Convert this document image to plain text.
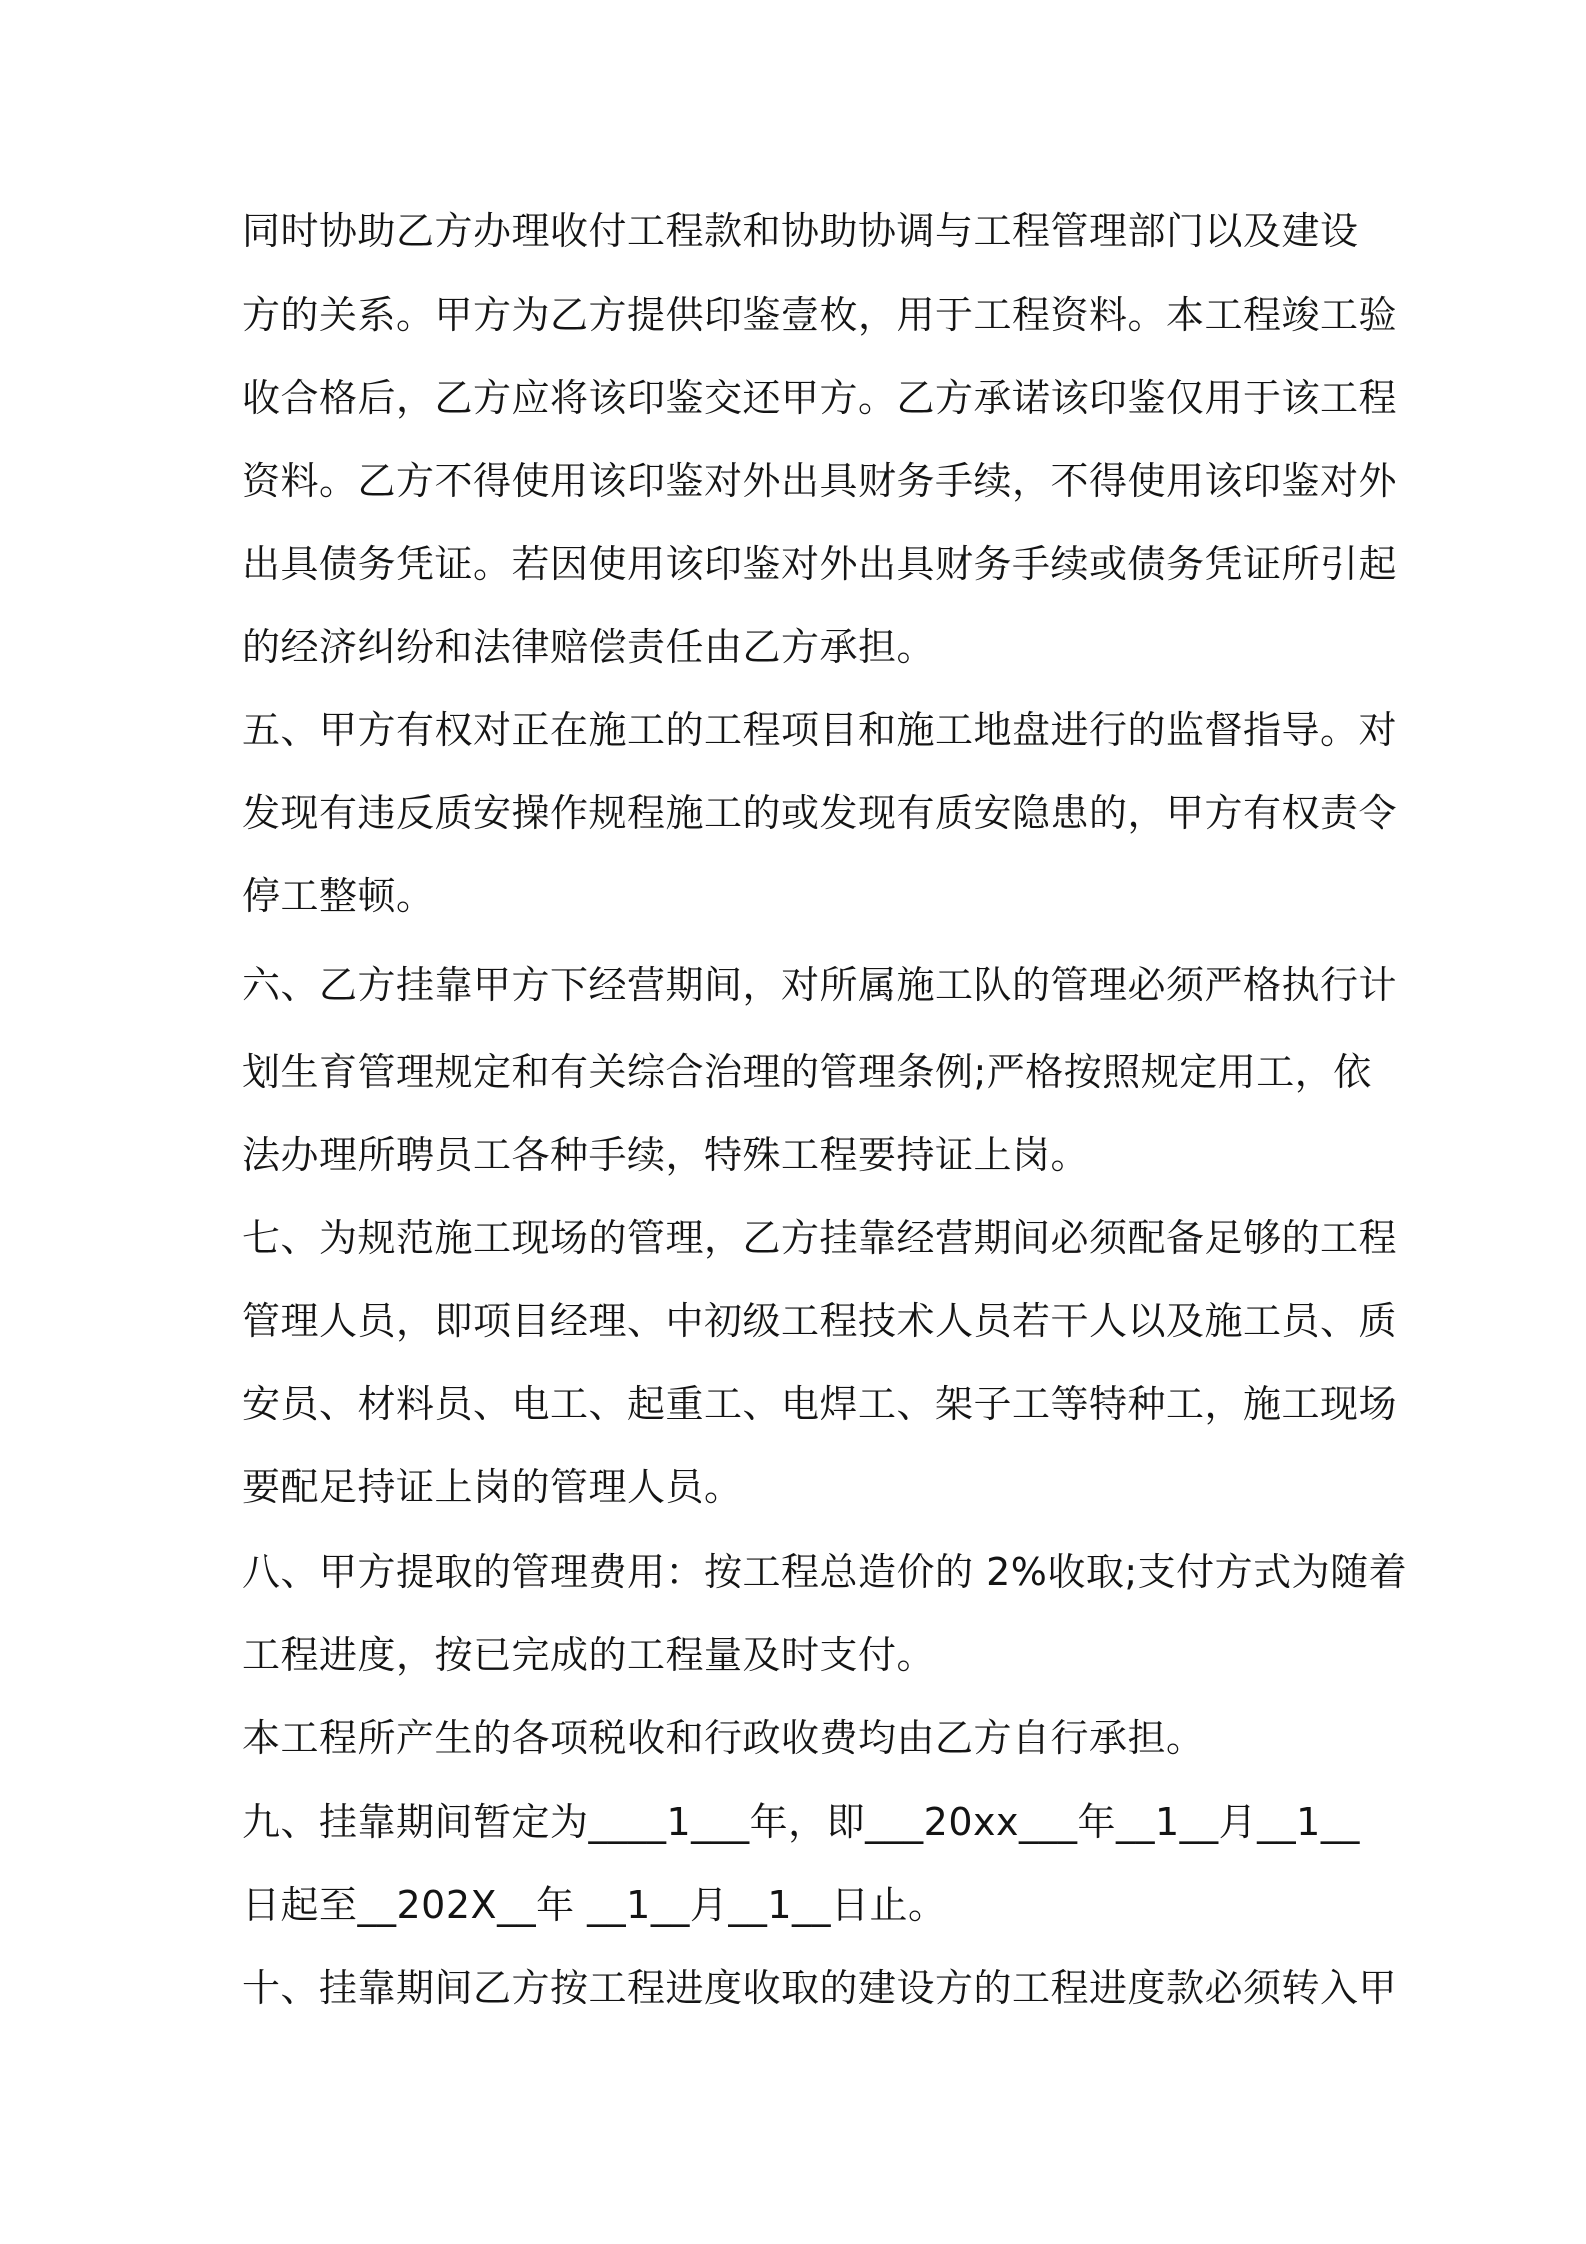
同时协助乙方办理收付工程款和协助协调与工程管理部门以及建设
方的关系。甲方为乙方提供印鉴壹枚，用于工程资料。本工程竣工验
收合格后，乙方应将该印鉴交还甲方。乙方承诺该印鉴仅用于该工程
资料。乙方不得使用该印鉴对外出具财务手续，不得使用该印鉴对外
出具债务凭证。若因使用该印鉴对外出具财务手续或债务凭证所引起
的经济纠纷和法律赔偿责任由乙方承担。
五、甲方有权对正在施工的工程项目和施工地盘进行的监督指导。对
发现有违反质安操作规程施工的或发现有质安隐患的，甲方有权责令
停工整顿。
六、乙方挂靠甲方下经营期间，对所属施工队的管理必须严格执行计
划生育管理规定和有关综合治理的管理条例;严格按照规定用工，依
法办理所聘员工各种手续，特殊工程要持证上岗。
七、为规范施工现场的管理，乙方挂靠经营期间必须配备足够的工程
管理人员，即项目经理、中初级工程技术人员若干人以及施工员、质
安员、材料员、电工、起重工、电焊工、架子工等特种工，施工现场
要配足持证上岗的管理人员。
八、甲方提取的管理费用：按工程总造价的 2%收取;支付方式为随着
工程进度，按已完成的工程量及时支付。
本工程所产生的各项税收和行政收费均由乙方自行承担。
九、挂靠期间暂定为____1___年，即___20xx___年__1__月__1__
日起至__202X__年 __1__月__1__日止。
十、挂靠期间乙方按工程进度收取的建设方的工程进度款必须转入甲
